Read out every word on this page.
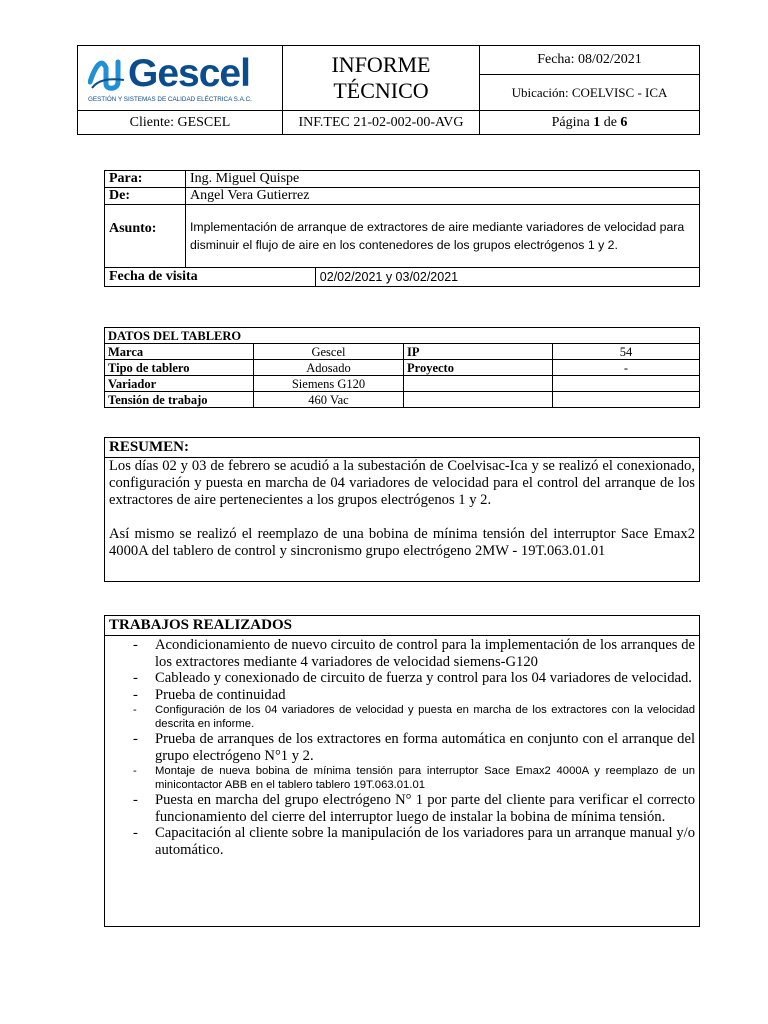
Gescel
GESTIÓN Y SISTEMAS DE CALIDAD ELÉCTRICA S.A.C.	INFORME TÉCNICO	Fecha: 08/02/2021
		Ubicación: COELVISC - ICA
Cliente: GESCEL	INF.TEC 21-02-002-00-AVG	Página 1 de 6
Para:	Ing. Miguel Quispe	
De:	Angel Vera Gutierrez	
Asunto:	Implementación de arranque de extractores de aire mediante variadores de velocidad para disminuir el flujo de aire en los contenedores de los grupos electrógenos 1 y 2.	
Fecha de visita		02/02/2021 y 03/02/2021
DATOS DEL TABLERO			
Marca	Gescel	IP	54
Tipo de tablero	Adosado	Proyecto	-
Variador	Siemens G120		
Tensión de trabajo	460 Vac		
RESUMEN:

Los días 02 y 03 de febrero se acudió a la subestación de Coelvisac-Ica y se realizó el conexionado, configuración y puesta en marcha de 04 variadores de velocidad para el control del arranque de los extractores de aire pertenecientes a los grupos electrógenos 1 y 2.

Así mismo se realizó el reemplazo de una bobina de mínima tensión del interruptor Sace Emax2 4000A del tablero de control y sincronismo grupo electrógeno 2MW - 19T.063.01.01

TRABAJOS REALIZADOS
- Acondicionamiento de nuevo circuito de control para la implementación de los arranques de los extractores mediante 4 variadores de velocidad siemens-G120
- Cableado y conexionado de circuito de fuerza y control para los 04 variadores de velocidad.
- Prueba de continuidad
- Configuración de los 04 variadores de velocidad y puesta en marcha de los extractores con la velocidad descrita en informe.
- Prueba de arranques de los extractores en forma automática en conjunto con el arranque del grupo electrógeno N°1 y 2.
- Montaje de nueva bobina de mínima tensión para interruptor Sace Emax2 4000A y reemplazo de un minicontactor ABB en el tablero tablero 19T.063.01.01
- Puesta en marcha del grupo electrógeno N° 1 por parte del cliente para verificar el correcto funcionamiento del cierre del interruptor luego de instalar la bobina de mínima tensión.
- Capacitación al cliente sobre la manipulación de los variadores para un arranque manual y/o automático.
